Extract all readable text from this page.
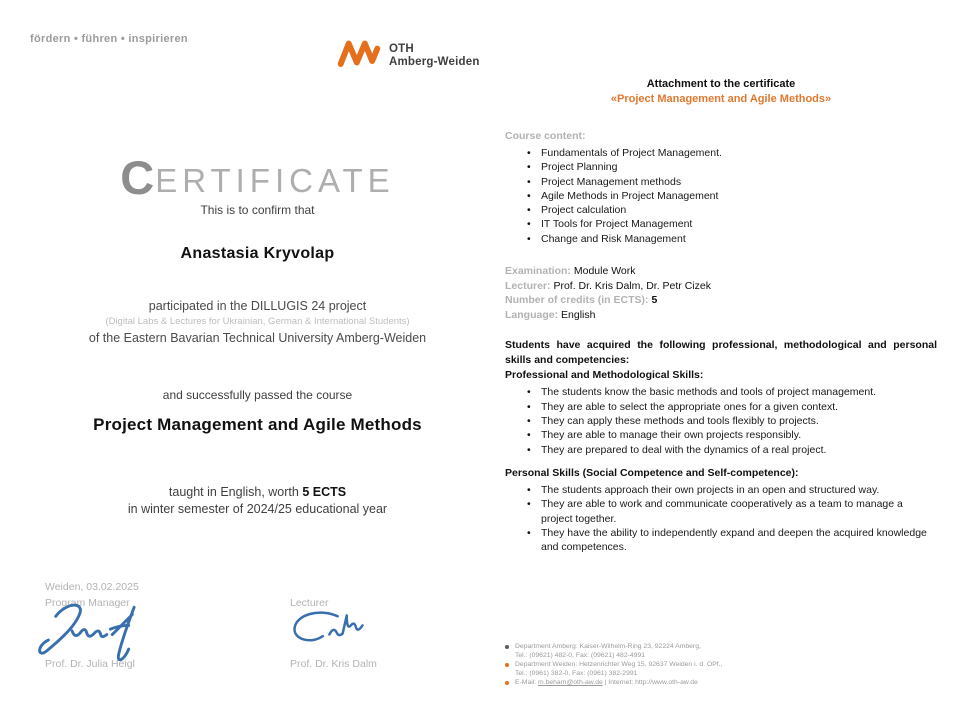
fördern • führen • inspirieren
OTH
Amberg-Weiden
CERTIFICATE
This is to confirm that
Anastasia Kryvolap
participated in the DILLUGIS 24 project
(Digital Labs & Lectures for Ukrainian, German & International Students)
of the Eastern Bavarian Technical University Amberg-Weiden
and successfully passed the course
Project Management and Agile Methods
taught in English, worth 5 ECTS
in winter semester of 2024/25 educational year
Weiden, 03.02.2025
Program Manager
Prof. Dr. Julia Heigl
Lecturer
Prof. Dr. Kris Dalm
Attachment to the certificate
«Project Management and Agile Methods»
Course content:
• Fundamentals of Project Management.
• Project Planning
• Project Management methods
• Agile Methods in Project Management
• Project calculation
• IT Tools for Project Management
• Change and Risk Management
Examination: Module Work
Lecturer: Prof. Dr. Kris Dalm, Dr. Petr Cizek
Number of credits (in ECTS): 5
Language: English
Students have acquired the following professional, methodological and personal skills and competencies:
Professional and Methodological Skills:
• The students know the basic methods and tools of project management.
• They are able to select the appropriate ones for a given context.
• They can apply these methods and tools flexibly to projects.
• They are able to manage their own projects responsibly.
• They are prepared to deal with the dynamics of a real project.
Personal Skills (Social Competence and Self-competence):
• The students approach their own projects in an open and structured way.
• They are able to work and communicate cooperatively as a team to manage a project together.
• They have the ability to independently expand and deepen the acquired knowledge and competences.
Department Amberg: Kaiser-Wilhelm-Ring 23, 92224 Amberg,
Tel.: (09621) 482-0, Fax: (09621) 482-4991
Department Weiden: Hetzenrichter Weg 15, 92637 Weiden i. d. OPf.,
Tel.: (0961) 382-0, Fax: (0961) 382-2991
E-Mail: m.beham@oth-aw.de | Internet: http://www.oth-aw.de
